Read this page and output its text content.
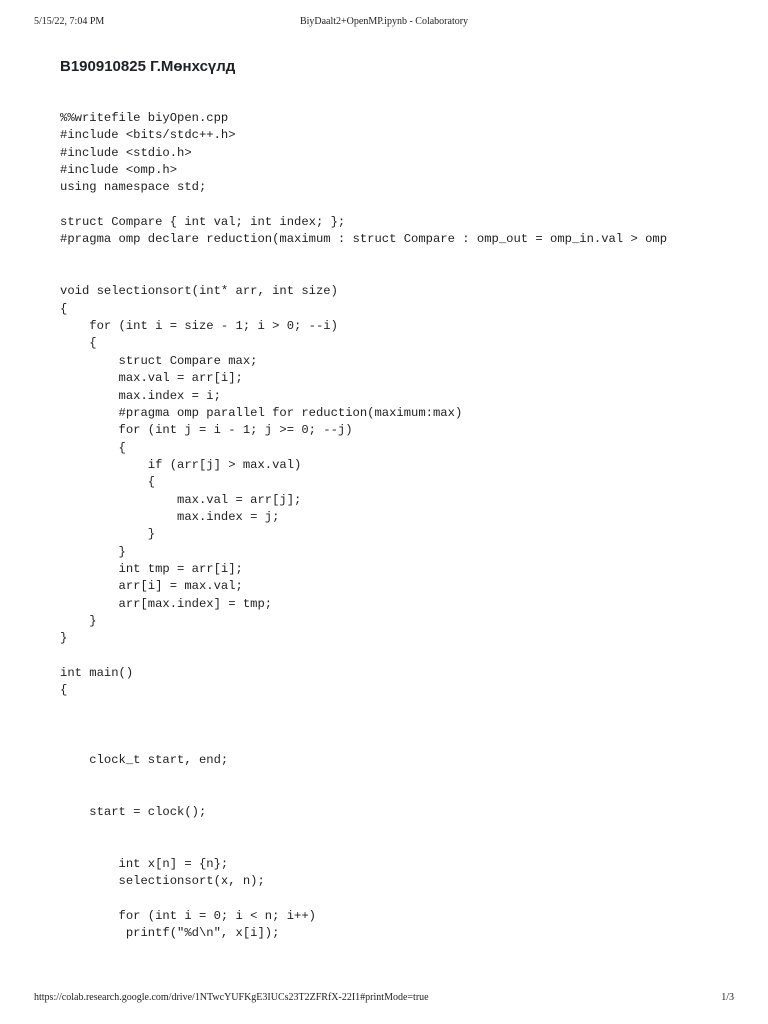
5/15/22, 7:04 PM	BiyDaalt2+OpenMP.ipynb - Colaboratory
B190910825 Г.Мөнхсүлд
%%writefile biyOpen.cpp
#include <bits/stdc++.h>
#include <stdio.h>
#include <omp.h>
using namespace std;
struct Compare { int val; int index; };
#pragma omp declare reduction(maximum : struct Compare : omp_out = omp_in.val > omp
void selectionsort(int* arr, int size)
{
for (int i = size - 1; i > 0; --i)
{
struct Compare max;
max.val = arr[i];
max.index = i;
#pragma omp parallel for reduction(maximum:max)
for (int j = i - 1; j >= 0; --j)
{
if (arr[j] > max.val)
{
max.val = arr[j];
max.index = j;
}
}
int tmp = arr[i];
arr[i] = max.val;
arr[max.index] = tmp;
}
}
int main()
{
clock_t start, end;
start = clock();
int x[n] = {n};
selectionsort(x, n);
for (int i = 0; i < n; i++)
printf("%d\n", x[i]);
https://colab.research.google.com/drive/1NTwcYUFKgE3IUCs23T2ZFRfX-22I1#printMode=true	1/3
